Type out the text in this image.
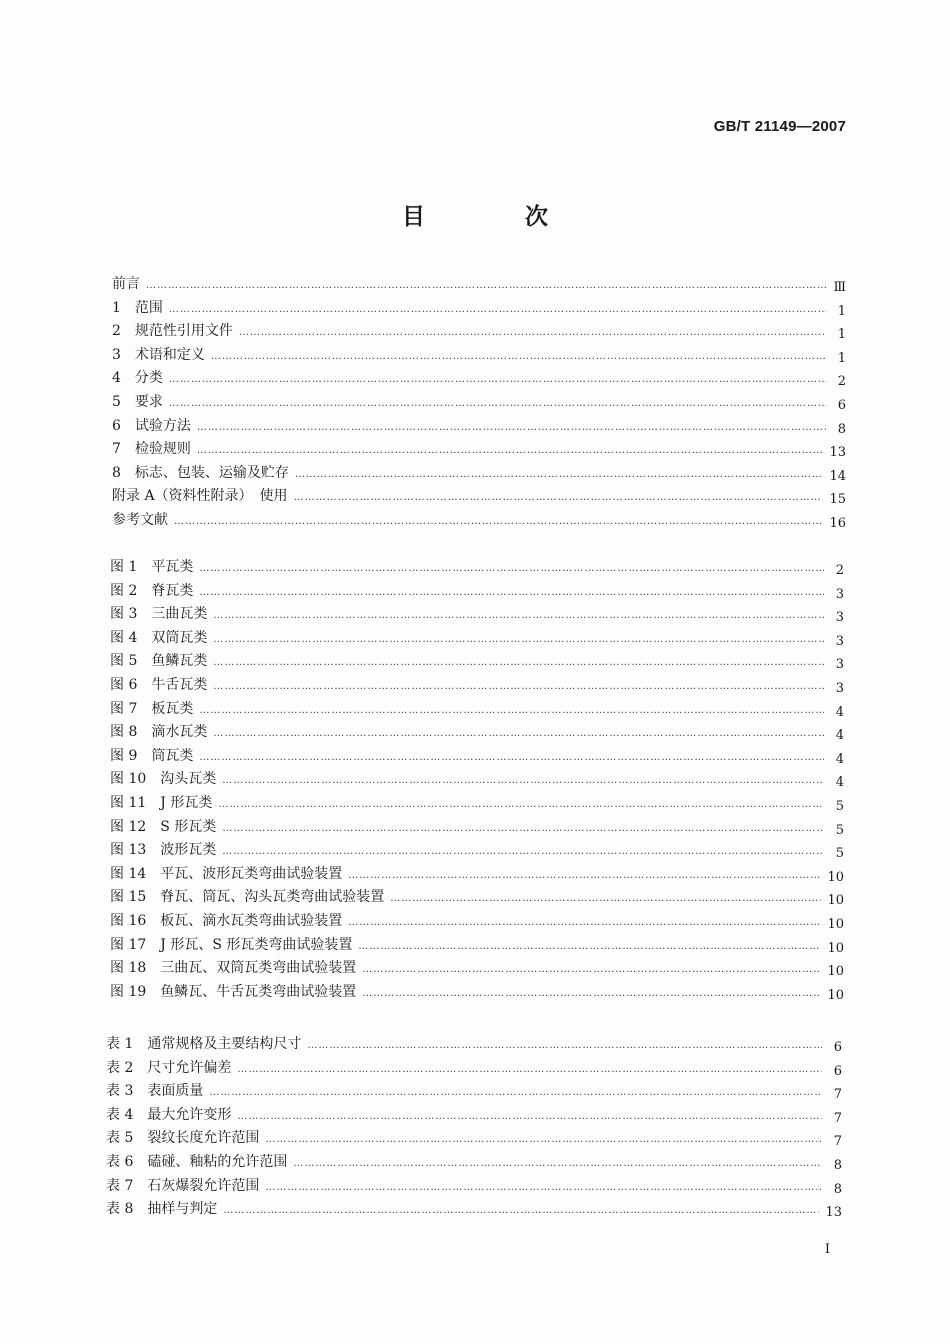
GB/T 21149—2007
目 次
前言 …………………………………………………………………………………………………………………………………………………………………………………………………………………………………………	Ⅲ
1　范围 …………………………………………………………………………………………………………………………………………………………………………………………………………………………………………	1
2　规范性引用文件 …………………………………………………………………………………………………………………………………………………………………………………………………………………………………………	1
3　术语和定义 …………………………………………………………………………………………………………………………………………………………………………………………………………………………………………	1
4　分类 …………………………………………………………………………………………………………………………………………………………………………………………………………………………………………	2
5　要求 …………………………………………………………………………………………………………………………………………………………………………………………………………………………………………	6
6　试验方法 …………………………………………………………………………………………………………………………………………………………………………………………………………………………………………	8
7　检验规则 …………………………………………………………………………………………………………………………………………………………………………………………………………………………………………	13
8　标志、包装、运输及贮存 …………………………………………………………………………………………………………………………………………………………………………………………………………………………………………	14
附录 A（资料性附录）　使用 …………………………………………………………………………………………………………………………………………………………………………………………………………………………………………	15
参考文献 …………………………………………………………………………………………………………………………………………………………………………………………………………………………………………	16
图 1　平瓦类 …………………………………………………………………………………………………………………………………………………………………………………………………………………………………………	2
图 2　脊瓦类 …………………………………………………………………………………………………………………………………………………………………………………………………………………………………………	3
图 3　三曲瓦类 …………………………………………………………………………………………………………………………………………………………………………………………………………………………………………	3
图 4　双筒瓦类 …………………………………………………………………………………………………………………………………………………………………………………………………………………………………………	3
图 5　鱼鳞瓦类 …………………………………………………………………………………………………………………………………………………………………………………………………………………………………………	3
图 6　牛舌瓦类 …………………………………………………………………………………………………………………………………………………………………………………………………………………………………………	3
图 7　板瓦类 …………………………………………………………………………………………………………………………………………………………………………………………………………………………………………	4
图 8　滴水瓦类 …………………………………………………………………………………………………………………………………………………………………………………………………………………………………………	4
图 9　筒瓦类 …………………………………………………………………………………………………………………………………………………………………………………………………………………………………………	4
图 10　沟头瓦类 …………………………………………………………………………………………………………………………………………………………………………………………………………………………………………	4
图 11　J 形瓦类 …………………………………………………………………………………………………………………………………………………………………………………………………………………………………………	5
图 12　S 形瓦类 …………………………………………………………………………………………………………………………………………………………………………………………………………………………………………	5
图 13　波形瓦类 …………………………………………………………………………………………………………………………………………………………………………………………………………………………………………	5
图 14　平瓦、波形瓦类弯曲试验装置 …………………………………………………………………………………………………………………………………………………………………………………………………………………………………………	10
图 15　脊瓦、筒瓦、沟头瓦类弯曲试验装置 …………………………………………………………………………………………………………………………………………………………………………………………………………………………………………	10
图 16　板瓦、滴水瓦类弯曲试验装置 …………………………………………………………………………………………………………………………………………………………………………………………………………………………………………	10
图 17　J 形瓦、S 形瓦类弯曲试验装置 …………………………………………………………………………………………………………………………………………………………………………………………………………………………………………	10
图 18　三曲瓦、双筒瓦类弯曲试验装置 …………………………………………………………………………………………………………………………………………………………………………………………………………………………………………	10
图 19　鱼鳞瓦、牛舌瓦类弯曲试验装置 …………………………………………………………………………………………………………………………………………………………………………………………………………………………………………	10
表 1　通常规格及主要结构尺寸 …………………………………………………………………………………………………………………………………………………………………………………………………………………………………………	6
表 2　尺寸允许偏差 …………………………………………………………………………………………………………………………………………………………………………………………………………………………………………	6
表 3　表面质量 …………………………………………………………………………………………………………………………………………………………………………………………………………………………………………	7
表 4　最大允许变形 …………………………………………………………………………………………………………………………………………………………………………………………………………………………………………	7
表 5　裂纹长度允许范围 …………………………………………………………………………………………………………………………………………………………………………………………………………………………………………	7
表 6　磕碰、釉粘的允许范围 …………………………………………………………………………………………………………………………………………………………………………………………………………………………………………	8
表 7　石灰爆裂允许范围 …………………………………………………………………………………………………………………………………………………………………………………………………………………………………………	8
表 8　抽样与判定 …………………………………………………………………………………………………………………………………………………………………………………………………………………………………………	13
I
